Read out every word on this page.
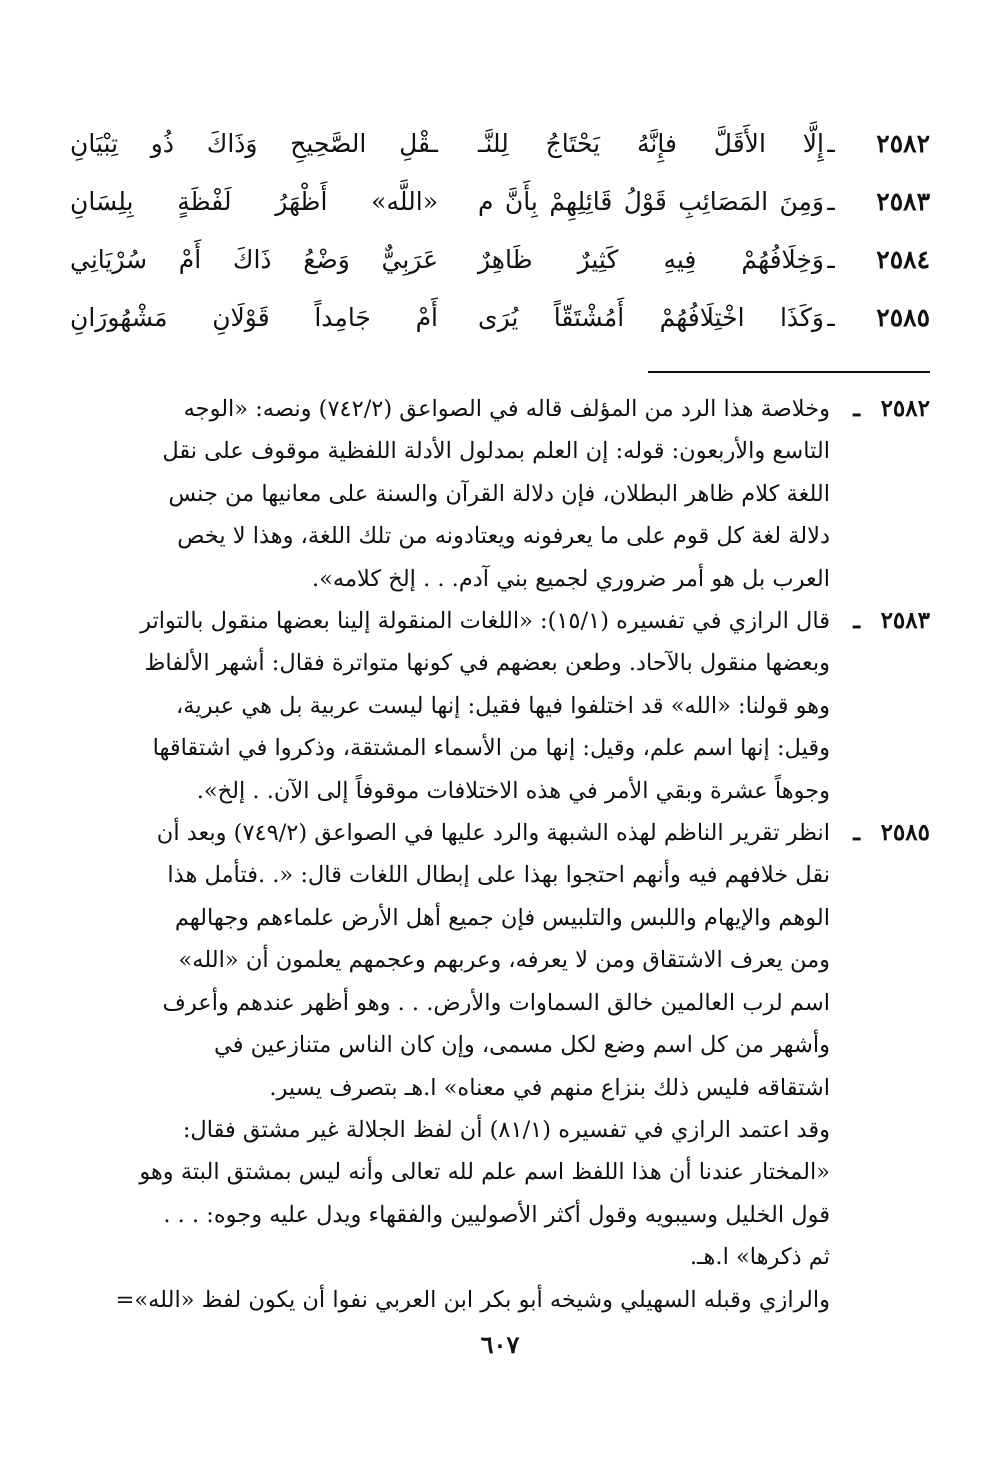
٢٥٨٢
ـ
إِلَّا الأَقَلَّ فإِنَّهُ يَحْتَاجُ لِلنَّـ
ـقْلِ الصَّحِيحِ وَذَاكَ ذُو تِبْيَانِ
٢٥٨٣
ـ
وَمِنَ المَصَائِبِ قَوْلُ قَائِلِهِمْ بِأَنَّ م
«اللَّه» أَظْهَرُ لَفْظَةٍ بِلِسَانِ
٢٥٨٤
ـ
وَخِلَافُهُمْ فِيهِ كَثِيرٌ ظَاهِرٌ
عَرَبِيٌّ وَضْعُ ذَاكَ أَمْ سُرْيَانِي
٢٥٨٥
ـ
وَكَذَا اخْتِلَافُهُمْ أَمُشْتَقّاً يُرَى
أَمْ جَامِداً قَوْلَانِ مَشْهُورَانِ
٢٥٨٢
ـ

وخلاصة هذا الرد من المؤلف قاله في الصواعق (٧٤٢/٢) ونصه: «الوجه

التاسع والأربعون: قوله: إن العلم بمدلول الأدلة اللفظية موقوف على نقل

اللغة كلام ظاهر البطلان، فإن دلالة القرآن والسنة على معانيها من جنس

دلالة لغة كل قوم على ما يعرفونه ويعتادونه من تلك اللغة، وهذا لا يخص

العرب بل هو أمر ضروري لجميع بني آدم. . . إلخ كلامه».

٢٥٨٣
ـ

قال الرازي في تفسيره (١٥/١): «اللغات المنقولة إلينا بعضها منقول بالتواتر

وبعضها منقول بالآحاد. وطعن بعضهم في كونها متواترة فقال: أشهر الألفاظ

وهو قولنا: «الله» قد اختلفوا فيها فقيل: إنها ليست عربية بل هي عبرية،

وقيل: إنها اسم علم، وقيل: إنها من الأسماء المشتقة، وذكروا في اشتقاقها

وجوهاً عشرة وبقي الأمر في هذه الاختلافات موقوفاً إلى الآن. . إلخ».

٢٥٨٥
ـ

انظر تقرير الناظم لهذه الشبهة والرد عليها في الصواعق (٧٤٩/٢) وبعد أن

نقل خلافهم فيه وأنهم احتجوا بهذا على إبطال اللغات قال: «. .فتأمل هذا

الوهم والإيهام واللبس والتلبيس فإن جميع أهل الأرض علماءهم وجهالهم

ومن يعرف الاشتقاق ومن لا يعرفه، وعربهم وعجمهم يعلمون أن «الله»

اسم لرب العالمين خالق السماوات والأرض. . . وهو أظهر عندهم وأعرف

وأشهر من كل اسم وضع لكل مسمى، وإن كان الناس متنازعين في

اشتقاقه فليس ذلك بنزاع منهم في معناه» ا.هـ بتصرف يسير.

وقد اعتمد الرازي في تفسيره (٨١/١) أن لفظ الجلالة غير مشتق فقال:

«المختار عندنا أن هذا اللفظ اسم علم لله تعالى وأنه ليس بمشتق البتة وهو

قول الخليل وسيبويه وقول أكثر الأصوليين والفقهاء ويدل عليه وجوه: . . .

ثم ذكرها» ا.هـ.

والرازي وقبله السهيلي وشيخه أبو بكر ابن العربي نفوا أن يكون لفظ «الله»=

٦٠٧
